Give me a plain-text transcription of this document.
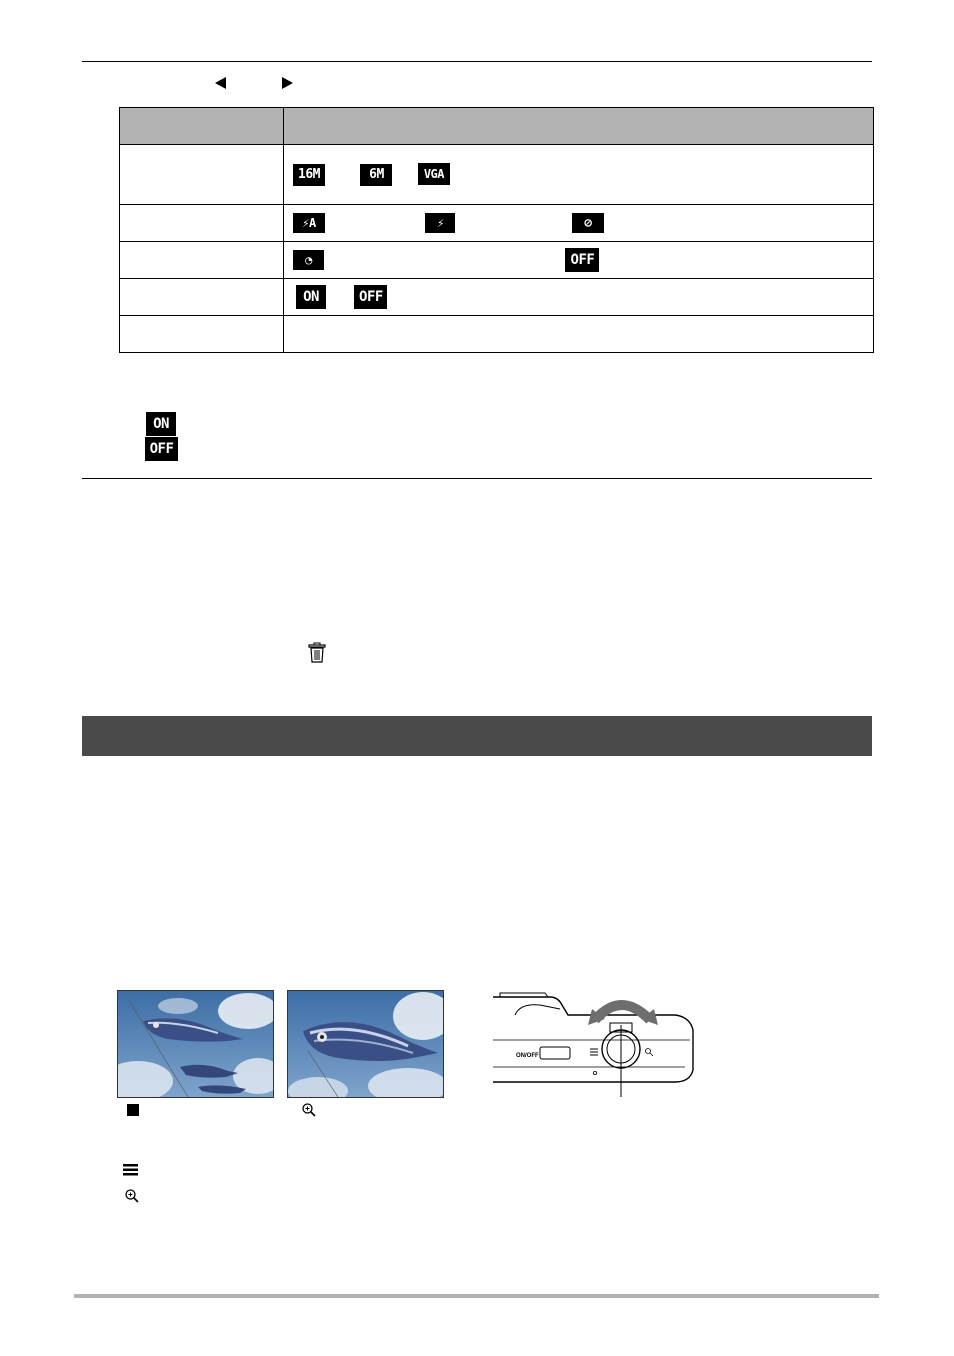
	16M 6M VGA
	⚡A ⚡ ⊘
	◔ OFF
	ON OFF

ON
OFF
ON/OFF
